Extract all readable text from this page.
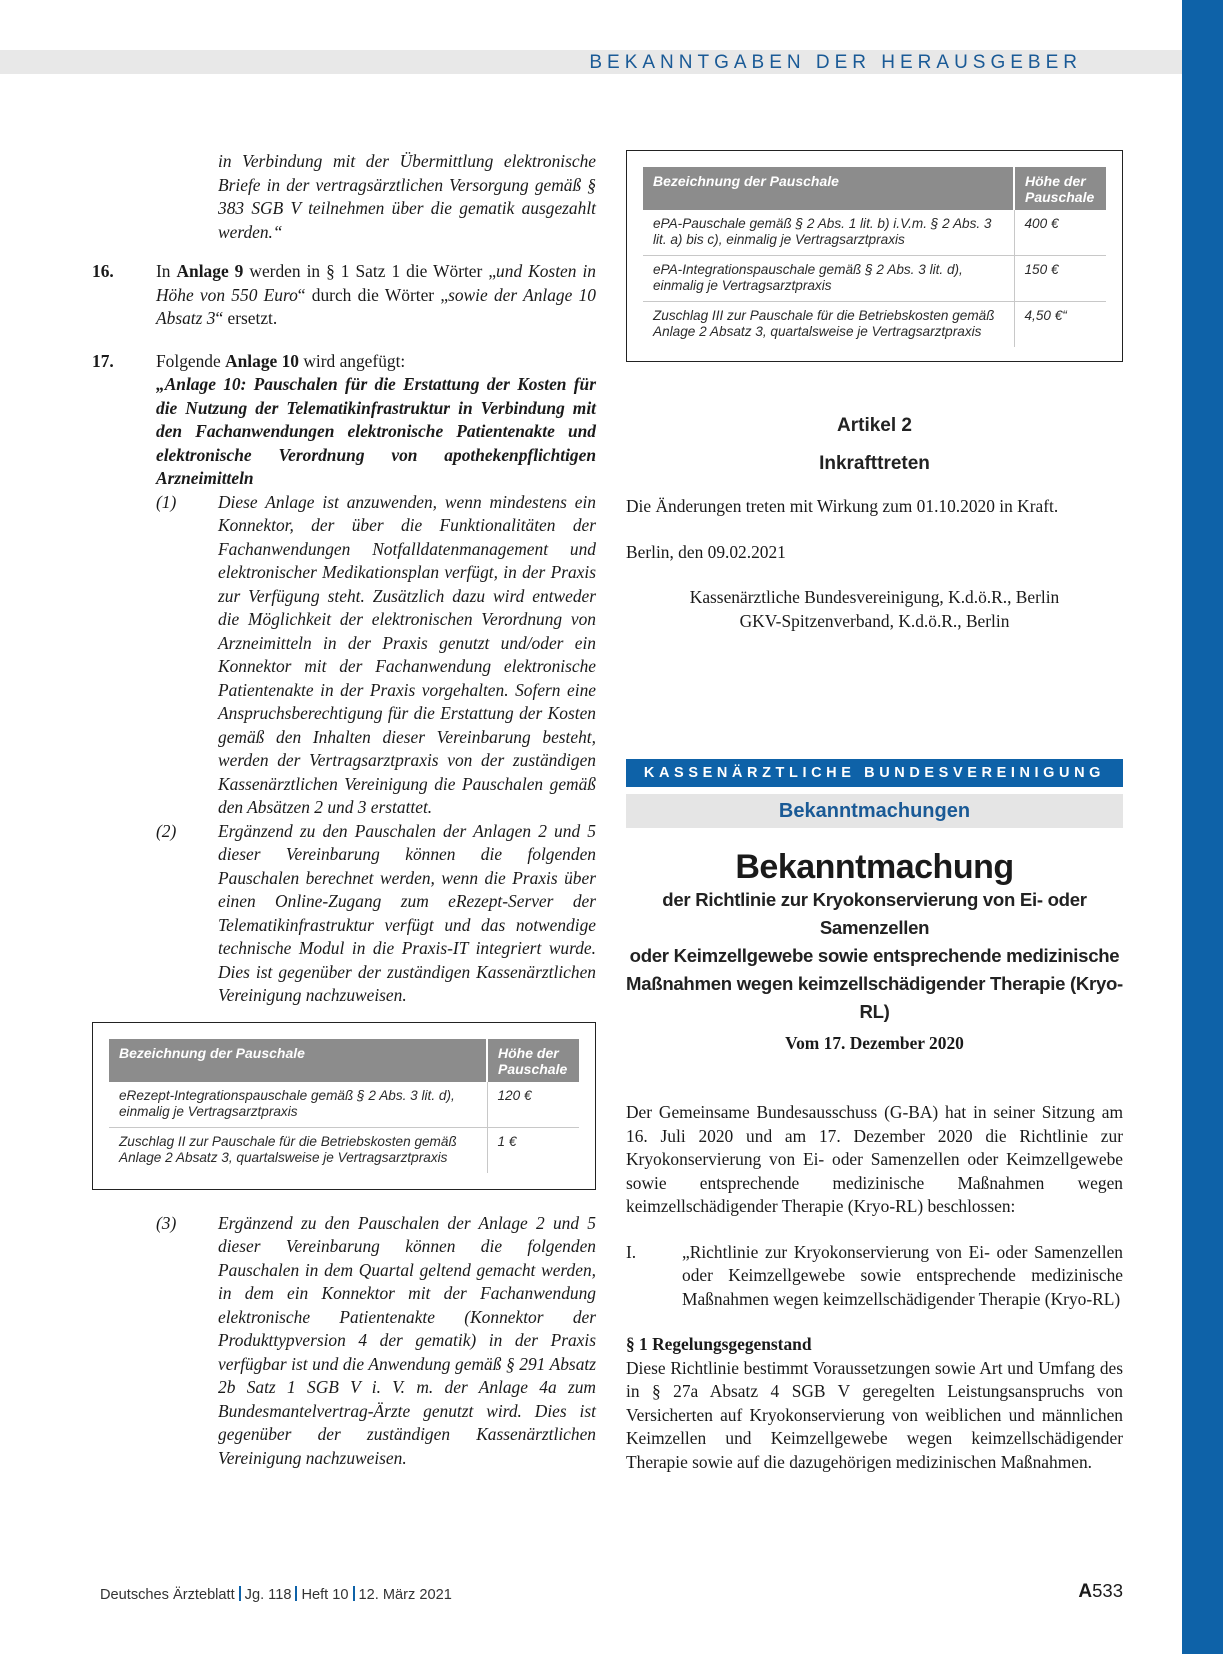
BEKANNTGABEN DER HERAUSGEBER

in Verbindung mit der Übermittlung elektronische Briefe in der vertragsärztlichen Versorgung gemäß § 383 SGB V teilnehmen über die gematik ausgezahlt werden.“

16.	In Anlage 9 werden in § 1 Satz 1 die Wörter „und Kosten in Höhe von 550 Euro“ durch die Wörter „sowie der Anlage 10 Absatz 3“ ersetzt.

17.	Folgende Anlage 10 wird angefügt:

„Anlage 10: Pauschalen für die Erstattung der Kosten für die Nutzung der Telematikinfrastruktur in Verbindung mit den Fachanwendungen elektronische Patientenakte und elektronische Verordnung von apothekenpflichtigen Arzneimitteln

(1)	Diese Anlage ist anzuwenden, wenn mindestens ein Konnektor, der über die Funktionalitäten der Fachanwendungen Notfalldatenmanagement und elektronischer Medikationsplan verfügt, in der Praxis zur Verfügung steht. Zusätzlich dazu wird entweder die Möglichkeit der elektronischen Verordnung von Arzneimitteln in der Praxis genutzt und/oder ein Konnektor mit der Fachanwendung elektronische Patientenakte in der Praxis vorgehalten. Sofern eine Anspruchsberechtigung für die Erstattung der Kosten gemäß den Inhalten dieser Vereinbarung besteht, werden der Vertragsarztpraxis von der zuständigen Kassenärztlichen Vereinigung die Pauschalen gemäß den Absätzen 2 und 3 erstattet.

(2)	Ergänzend zu den Pauschalen der Anlagen 2 und 5 dieser Vereinbarung können die folgenden Pauschalen berechnet werden, wenn die Praxis über einen Online-Zugang zum eRezept-Server der Telematikinfrastruktur verfügt und das notwendige technische Modul in die Praxis-IT integriert wurde. Dies ist gegenüber der zuständigen Kassenärztlichen Vereinigung nachzuweisen.

Bezeichnung der Pauschale	Höhe der Pauschale
eRezept-Integrationspauschale gemäß § 2 Abs. 3 lit. d), einmalig je Vertragsarztpraxis	120 €
Zuschlag II zur Pauschale für die Betriebskosten gemäß Anlage 2 Absatz 3, quartalsweise je Vertragsarztpraxis	1 €
(3)	Ergänzend zu den Pauschalen der Anlage 2 und 5 dieser Vereinbarung können die folgenden Pauschalen in dem Quartal geltend gemacht werden, in dem ein Konnektor mit der Fachanwendung elektronische Patientenakte (Konnektor der Produkttypversion 4 der gematik) in der Praxis verfügbar ist und die Anwendung gemäß § 291 Absatz 2b Satz 1 SGB V i. V. m. der Anlage 4a zum Bundesmantelvertrag-Ärzte genutzt wird. Dies ist gegenüber der zuständigen Kassenärztlichen Vereinigung nachzuweisen.

Bezeichnung der Pauschale	Höhe der Pauschale
ePA-Pauschale gemäß § 2 Abs. 1 lit. b) i.V.m. § 2 Abs. 3 lit. a) bis c), einmalig je Vertragsarztpraxis	400 €
ePA-Integrationspauschale gemäß § 2 Abs. 3 lit. d), einmalig je Vertragsarztpraxis	150 €
Zuschlag III zur Pauschale für die Betriebskosten gemäß Anlage 2 Absatz 3, quartalsweise je Vertragsarztpraxis	4,50 €“

Artikel 2

Inkrafttreten

Die Änderungen treten mit Wirkung zum 01.10.2020 in Kraft.

Berlin, den 09.02.2021

Kassenärztliche Bundesvereinigung, K.d.ö.R., Berlin

GKV-Spitzenverband, K.d.ö.R., Berlin

KASSENÄRZTLICHE BUNDESVEREINIGUNG
Bekanntmachungen

Bekanntmachung

der Richtlinie zur Kryokonservierung von Ei- oder Samenzellen

oder Keimzellgewebe sowie entsprechende medizinische

Maßnahmen wegen keimzellschädigender Therapie (Kryo-RL)

Vom 17. Dezember 2020

Der Gemeinsame Bundesausschuss (G-BA) hat in seiner Sitzung am 16. Juli 2020 und am 17. Dezember 2020 die Richtlinie zur Kryokonservierung von Ei- oder Samenzellen oder Keimzellgewebe sowie entsprechende medizinische Maßnahmen wegen keimzellschädigender Therapie (Kryo-RL) beschlossen:

I.	„Richtlinie zur Kryokonservierung von Ei- oder Samenzellen oder Keimzellgewebe sowie entsprechende medizinische Maßnahmen wegen keimzellschädigender Therapie (Kryo-RL)

§ 1 Regelungsgegenstand

Diese Richtlinie bestimmt Voraussetzungen sowie Art und Umfang des in § 27a Absatz 4 SGB V geregelten Leistungsanspruchs von Versicherten auf Kryokonservierung von weiblichen und männlichen Keimzellen und Keimzellgewebe wegen keimzellschädigender Therapie sowie auf die dazugehörigen medizinischen Maßnahmen.

Deutsches Ärzteblatt Jg. 118 Heft 10 12. März 2021	A533
